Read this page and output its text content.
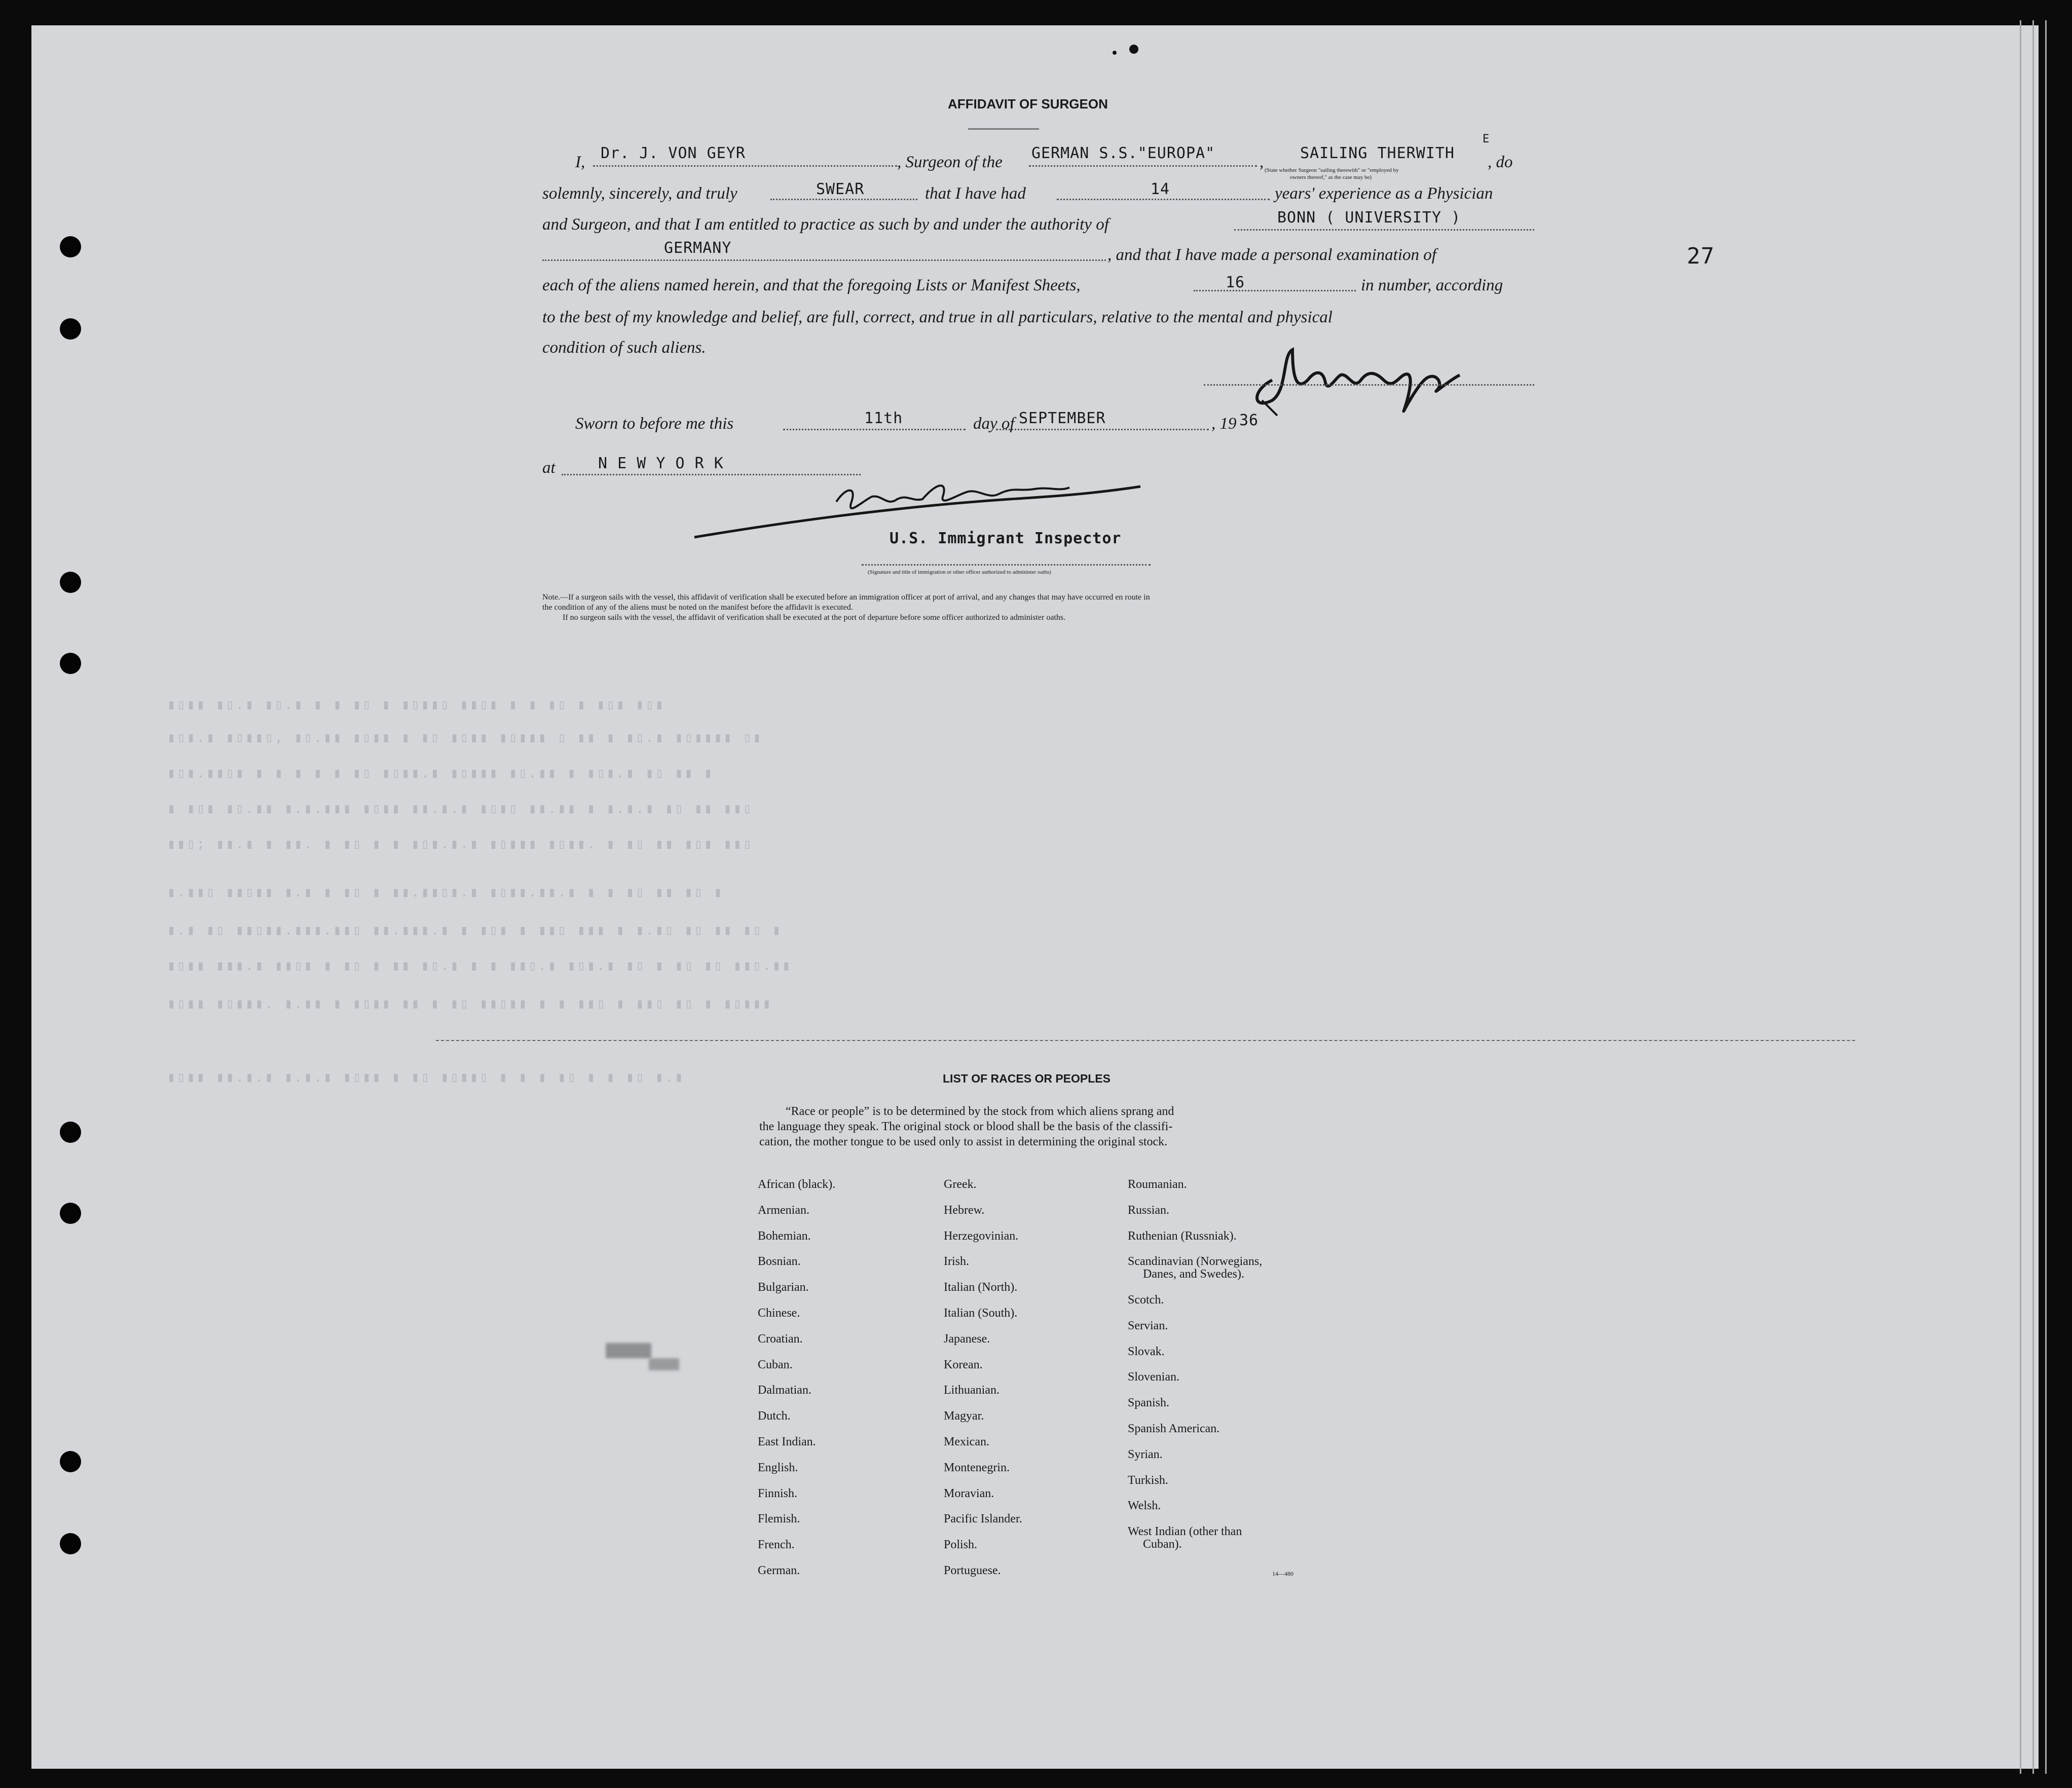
27
AFFIDAVIT OF SURGEON
I, Dr. J. VON GEYR	, Surgeon of the GERMAN S.S."EUROPA"	,
E
SAILING THERWITH
(State whether Surgeon "sailing therewith" or "employed by
owners thereof," as the case may be)
, do
solemnly, sincerely, and truly	SWEAR	that I have had	14	years' experience as a Physician
and Surgeon, and that I am entitled to practice as such by and under the authority of	BONN ( UNIVERSITY )
GERMANY	, and that I have made a personal examination of
each of the aliens named herein, and that the foregoing Lists or Manifest Sheets,	16	in number, according
to the best of my knowledge and belief, are full, correct, and true in all particulars, relative to the mental and physical
condition of such aliens.
Sworn to before me this	11th	day of SEPTEMBER	, 19 36
at	N E W Y O R K
U.S. Immigrant Inspector
(Signature and title of immigration or other officer authorized to administer oaths)
Note.—If a surgeon sails with the vessel, this affidavit of verification shall be executed before an immigration officer at port of arrival, and any changes that may have occurred en route in
the condition of any of the aliens must be noted on the manifest before the affidavit is executed.
If no surgeon sails with the vessel, the affidavit of verification shall be executed at the port of departure before some officer authorized to administer oaths.
▮▯▮▮ ▮▯.▮ ▮▯.▮ ▮ ▮ ▮▯ ▮ ▮▯▮▮▯ ▮▮▯▮ ▮ ▮ ▮▯ ▮ ▮▯▮ ▮▯▮
▮▯▮.▮ ▮▯▮▮▯, ▮▯.▮▮ ▮▯▮▮ ▮ ▮▯ ▮▯▮▮ ▮▯▮▮▮ ▯ ▮▮ ▮ ▮▯.▮ ▮▯▮▮▮▮ ▯▮
▮▯▮.▮▮▯▮ ▮ ▮ ▮ ▮ ▮ ▮▯ ▮▯▮▮.▮ ▮▯▮▮▮ ▮▯.▮▮ ▮ ▮▯▮.▮ ▮▯ ▮▮ ▮
▮ ▮▯▮ ▮▯.▮▮ ▮.▮.▮▮▮ ▮▯▮▮ ▮▮.▮.▮ ▮▯▮▯ ▮▮.▮▮ ▮ ▮.▮.▮ ▮▯ ▮▮ ▮▮▯
▮▮▯; ▮▮.▮ ▮ ▮▮. ▮ ▮▯ ▮ ▮ ▮▯▮.▮.▮ ▮▯▮▮▮ ▮▯▮▮. ▮ ▮▯ ▮▮ ▮▯▮ ▮▮▯
▮.▮▮▯ ▮▮▯▮▮ ▮.▮ ▮ ▮▯ ▮ ▮▮.▮▮▯▮.▮ ▮▯▮▮.▮▮.▮ ▮ ▮ ▮▯ ▮▮ ▮▯ ▮
▮.▮ ▮▯ ▮▮▯▮▮.▮▮▮.▮▮▯ ▮▮.▮▮▮.▮ ▮ ▮▯▮ ▮ ▮▮▯ ▮▮▮ ▮ ▮.▮▯ ▮▯ ▮▮ ▮▯ ▮
▮▯▮▮ ▮▮▮.▮ ▮▮▯▮ ▮ ▮▯ ▮ ▮▮ ▮▯.▮ ▮ ▮ ▮▮▯.▮ ▮▯▮.▮ ▮▯ ▮ ▮▯ ▮▯ ▮▮▯.▮▮
▮▯▮▮ ▮▯▮▮▮. ▮.▮▮ ▮ ▮▯▮▮ ▮▮ ▮ ▮▯ ▮▮▯▮▮ ▮ ▮ ▮▮▯ ▮ ▮▮▯ ▮▯ ▮ ▮▯▮▮▮
▮▯▮▮ ▮▮.▮.▮ ▮.▮.▮ ▮▯▮▮ ▮ ▮▯ ▮▯▮▮▯ ▮ ▮ ▮ ▮▯ ▮ ▮ ▮▯ ▮.▮	LIST OF RACES OR PEOPLES
“Race or people” is to be determined by the stock from which aliens sprang and
the language they speak. The original stock or blood shall be the basis of the classifi-
cation, the mother tongue to be used only to assist in determining the original stock.
African (black).
Armenian.
Bohemian.
Bosnian.
Bulgarian.
Chinese.
Croatian.
Cuban.
Dalmatian.
Dutch.
East Indian.
English.
Finnish.
Flemish.
French.
German.
Greek.
Hebrew.
Herzegovinian.
Irish.
Italian (North).
Italian (South).
Japanese.
Korean.
Lithuanian.
Magyar.
Mexican.
Montenegrin.
Moravian.
Pacific Islander.
Polish.
Portuguese.
Roumanian.
Russian.
Ruthenian (Russniak).
Scandinavian (Norwegians,
Danes, and Swedes).
Scotch.
Servian.
Slovak.
Slovenian.
Spanish.
Spanish American.
Syrian.
Turkish.
Welsh.
West Indian (other than
Cuban).
14—480
